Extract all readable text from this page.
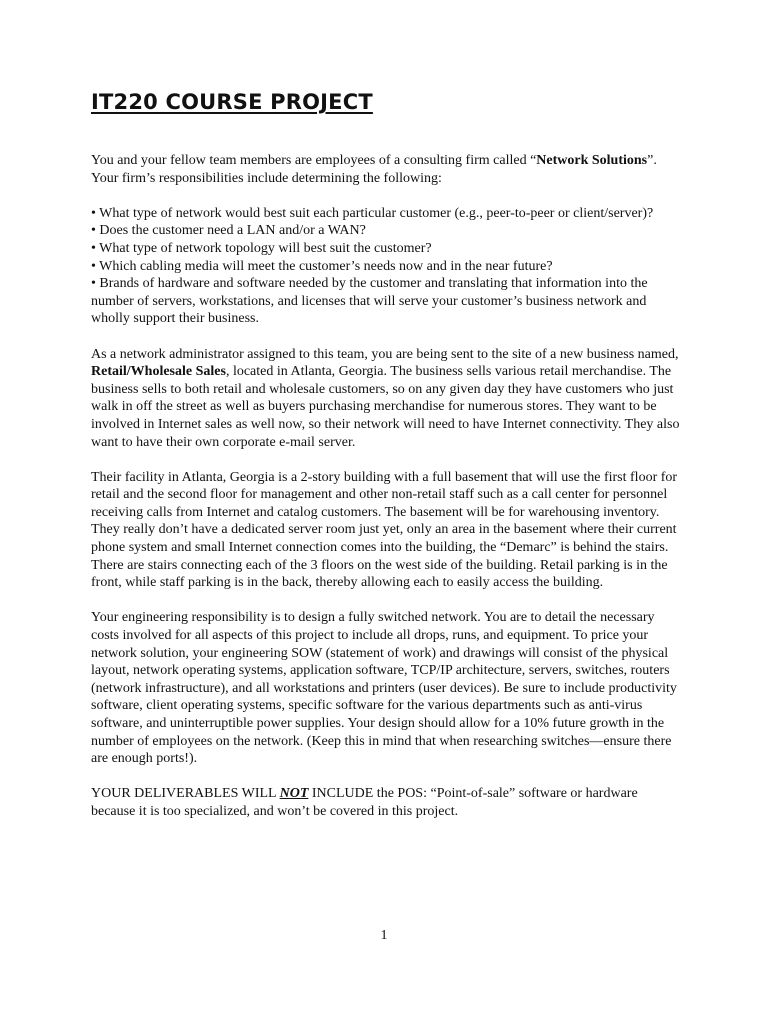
IT220 COURSE PROJECT

You and your fellow team members are employees of a consulting firm called “Network Solutions”. Your firm’s responsibilities include determining the following:

• What type of network would best suit each particular customer (e.g., peer-to-peer or client/server)?

• Does the customer need a LAN and/or a WAN?

• What type of network topology will best suit the customer?

• Which cabling media will meet the customer’s needs now and in the near future?

• Brands of hardware and software needed by the customer and translating that information into the number of servers, workstations, and licenses that will serve your customer’s business network and wholly support their business.

As a network administrator assigned to this team, you are being sent to the site of a new business named, Retail/Wholesale Sales, located in Atlanta, Georgia. The business sells various retail merchandise. The business sells to both retail and wholesale customers, so on any given day they have customers who just walk in off the street as well as buyers purchasing merchandise for numerous stores. They want to be involved in Internet sales as well now, so their network will need to have Internet connectivity. They also want to have their own corporate e-mail server.

Their facility in Atlanta, Georgia is a 2-story building with a full basement that will use the first floor for retail and the second floor for management and other non-retail staff such as a call center for personnel receiving calls from Internet and catalog customers. The basement will be for warehousing inventory. They really don’t have a dedicated server room just yet, only an area in the basement where their current phone system and small Internet connection comes into the building, the “Demarc” is behind the stairs. There are stairs connecting each of the 3 floors on the west side of the building. Retail parking is in the front, while staff parking is in the back, thereby allowing each to easily access the building.

Your engineering responsibility is to design a fully switched network. You are to detail the necessary costs involved for all aspects of this project to include all drops, runs, and equipment. To price your network solution, your engineering SOW (statement of work) and drawings will consist of the physical layout, network operating systems, application software, TCP/IP architecture, servers, switches, routers (network infrastructure), and all workstations and printers (user devices). Be sure to include productivity software, client operating systems, specific software for the various departments such as anti-virus software, and uninterruptible power supplies. Your design should allow for a 10% future growth in the number of employees on the network. (Keep this in mind that when researching switches—ensure there are enough ports!).

YOUR DELIVERABLES WILL NOT INCLUDE the POS: “Point-of-sale” software or hardware because it is too specialized, and won’t be covered in this project.

1
